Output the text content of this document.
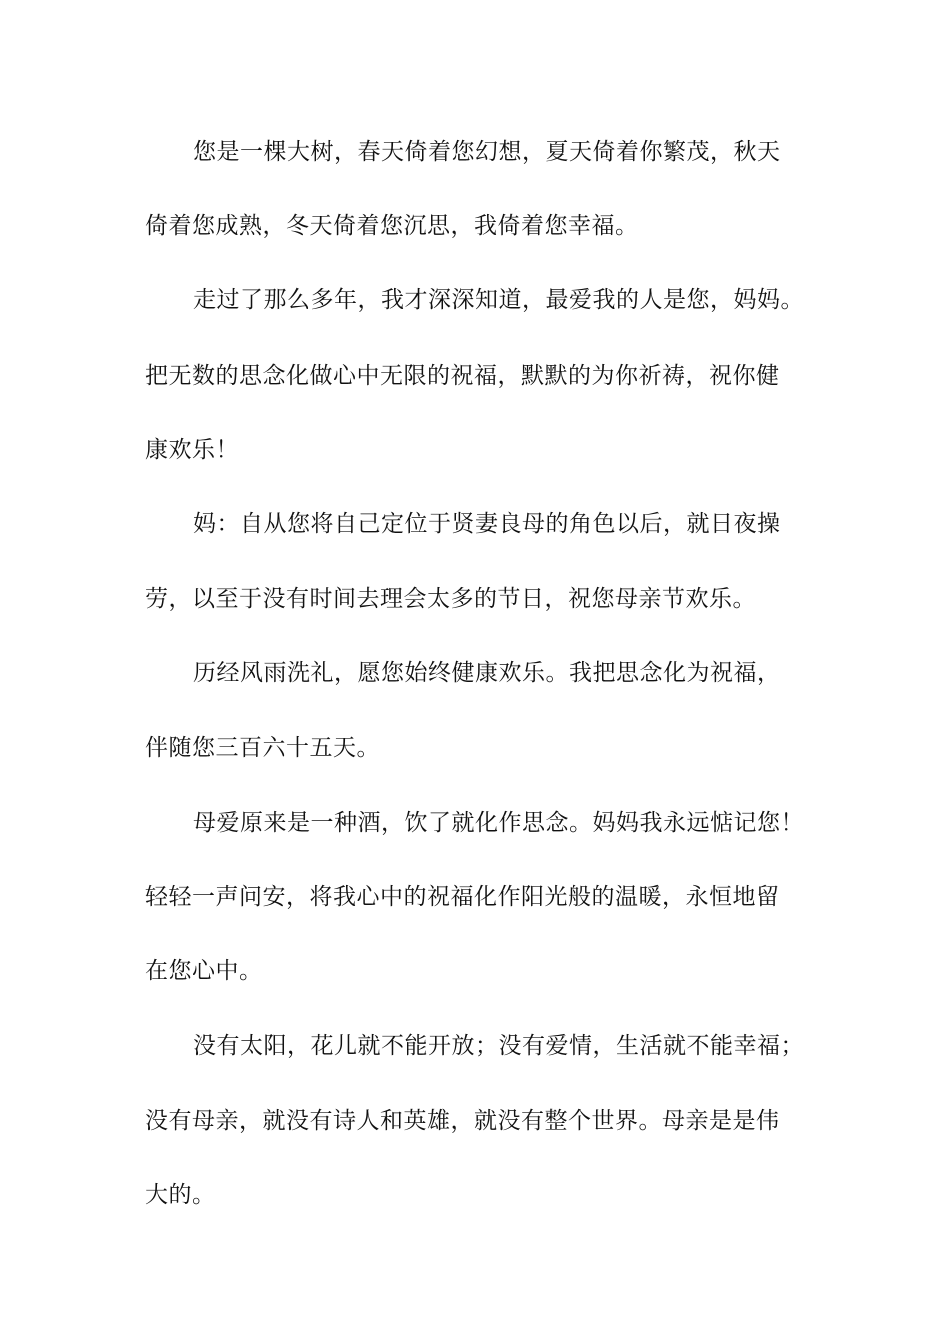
您是一棵大树，春天倚着您幻想，夏天倚着你繁茂，秋天
倚着您成熟，冬天倚着您沉思，我倚着您幸福。
走过了那么多年，我才深深知道，最爱我的人是您，妈妈。
把无数的思念化做心中无限的祝福，默默的为你祈祷，祝你健
康欢乐！
妈：自从您将自己定位于贤妻良母的角色以后，就日夜操
劳，以至于没有时间去理会太多的节日，祝您母亲节欢乐。
历经风雨洗礼，愿您始终健康欢乐。我把思念化为祝福，
伴随您三百六十五天。
母爱原来是一种酒，饮了就化作思念。妈妈我永远惦记您！
轻轻一声问安，将我心中的祝福化作阳光般的温暖，永恒地留
在您心中。
没有太阳，花儿就不能开放；没有爱情，生活就不能幸福；
没有母亲，就没有诗人和英雄，就没有整个世界。母亲是是伟
大的。
